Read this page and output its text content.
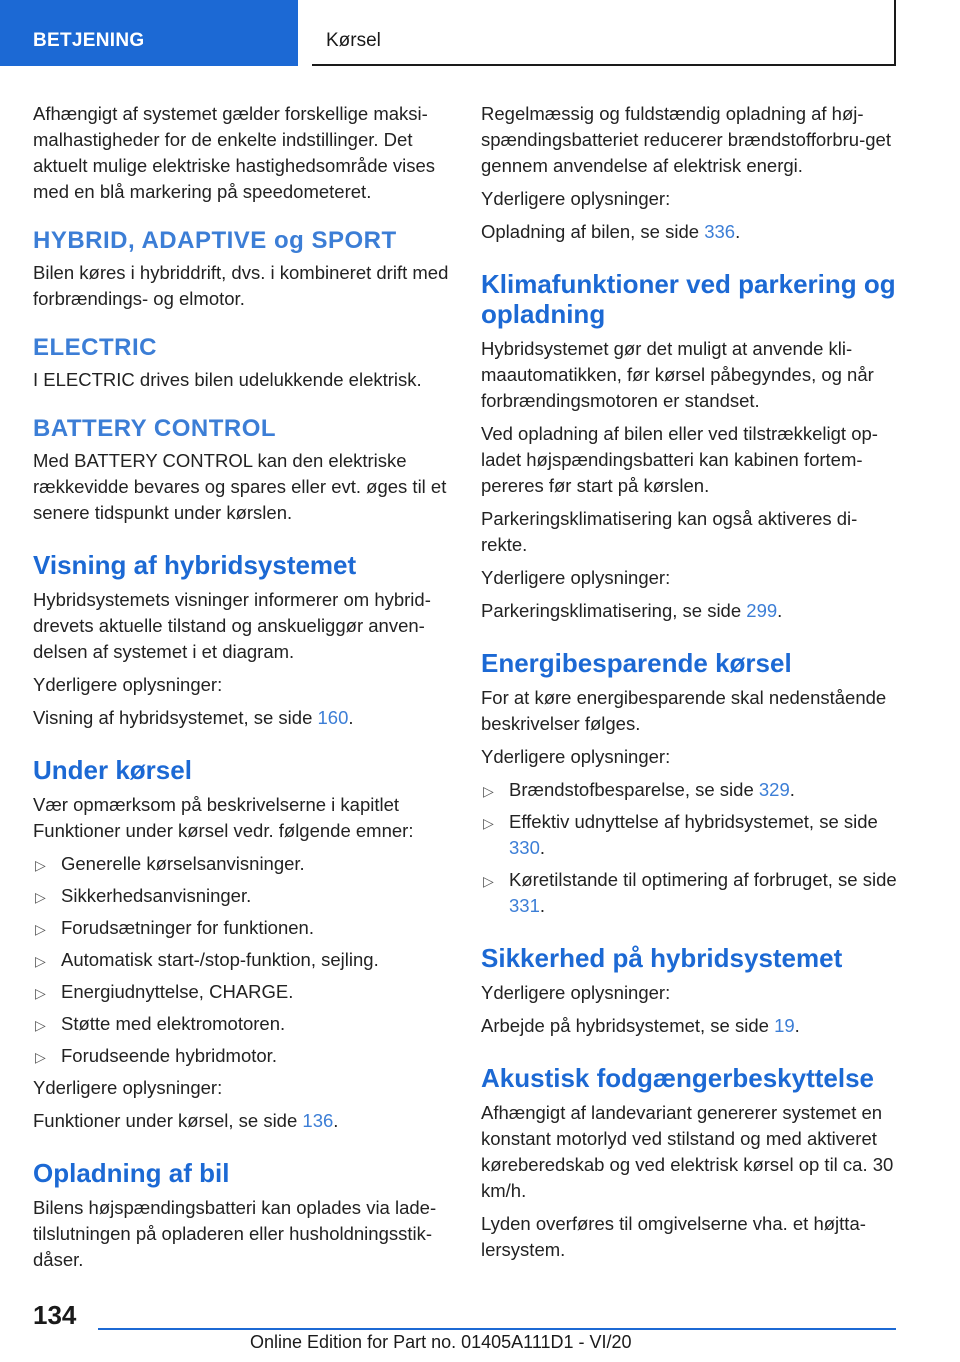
BETJENING	Kørsel

Afhængigt af systemet gælder forskellige maksi-malhastigheder for de enkelte indstillinger. Det aktuelt mulige elektriske hastighedsområde vises med en blå markering på speedometeret.

HYBRID, ADAPTIVE og SPORT

Bilen køres i hybriddrift, dvs. i kombineret drift med forbrændings- og elmotor.

ELECTRIC

I ELECTRIC drives bilen udelukkende elektrisk.

BATTERY CONTROL

Med BATTERY CONTROL kan den elektriske rækkevidde bevares og spares eller evt. øges til et senere tidspunkt under kørslen.

Visning af hybridsystemet

Hybridsystemets visninger informerer om hybrid-drevets aktuelle tilstand og anskueliggør anven-delsen af systemet i et diagram.

Yderligere oplysninger:

Visning af hybridsystemet, se side 160.

Under kørsel

Vær opmærksom på beskrivelserne i kapitlet Funktioner under kørsel vedr. følgende emner:

▷ Generelle kørselsanvisninger.
▷ Sikkerhedsanvisninger.
▷ Forudsætninger for funktionen.
▷ Automatisk start-/stop-funktion, sejling.
▷ Energiudnyttelse, CHARGE.
▷ Støtte med elektromotoren.
▷ Forudseende hybridmotor.

Yderligere oplysninger:

Funktioner under kørsel, se side 136.

Opladning af bil

Bilens højspændingsbatteri kan oplades via lade-tilslutningen på opladeren eller husholdningsstik-dåser.

Regelmæssig og fuldstændig opladning af høj-spændingsbatteriet reducerer brændstofforbru-get gennem anvendelse af elektrisk energi.

Yderligere oplysninger:

Opladning af bilen, se side 336.

Klimafunktioner ved parkering og opladning

Hybridsystemet gør det muligt at anvende kli-maautomatikken, før kørsel påbegyndes, og når forbrændingsmotoren er standset.

Ved opladning af bilen eller ved tilstrækkeligt op-ladet højspændingsbatteri kan kabinen fortem-pereres før start på kørslen.

Parkeringsklimatisering kan også aktiveres di-rekte.

Yderligere oplysninger:

Parkeringsklimatisering, se side 299.

Energibesparende kørsel

For at køre energibesparende skal nedenstående beskrivelser følges.

Yderligere oplysninger:

▷ Brændstofbesparelse, se side 329.
▷ Effektiv udnyttelse af hybridsystemet, se side 330.
▷ Køretilstande til optimering af forbruget, se side 331.
Sikkerhed på hybridsystemet

Yderligere oplysninger:

Arbejde på hybridsystemet, se side 19.

Akustisk fodgængerbeskyttelse

Afhængigt af landevariant genererer systemet en konstant motorlyd ved stilstand og med aktiveret køreberedskab og ved elektrisk kørsel op til ca. 30 km/h.

Lyden overføres til omgivelserne vha. et højtta-lersystem.

134
Online Edition for Part no. 01405A111D1 - VI/20
